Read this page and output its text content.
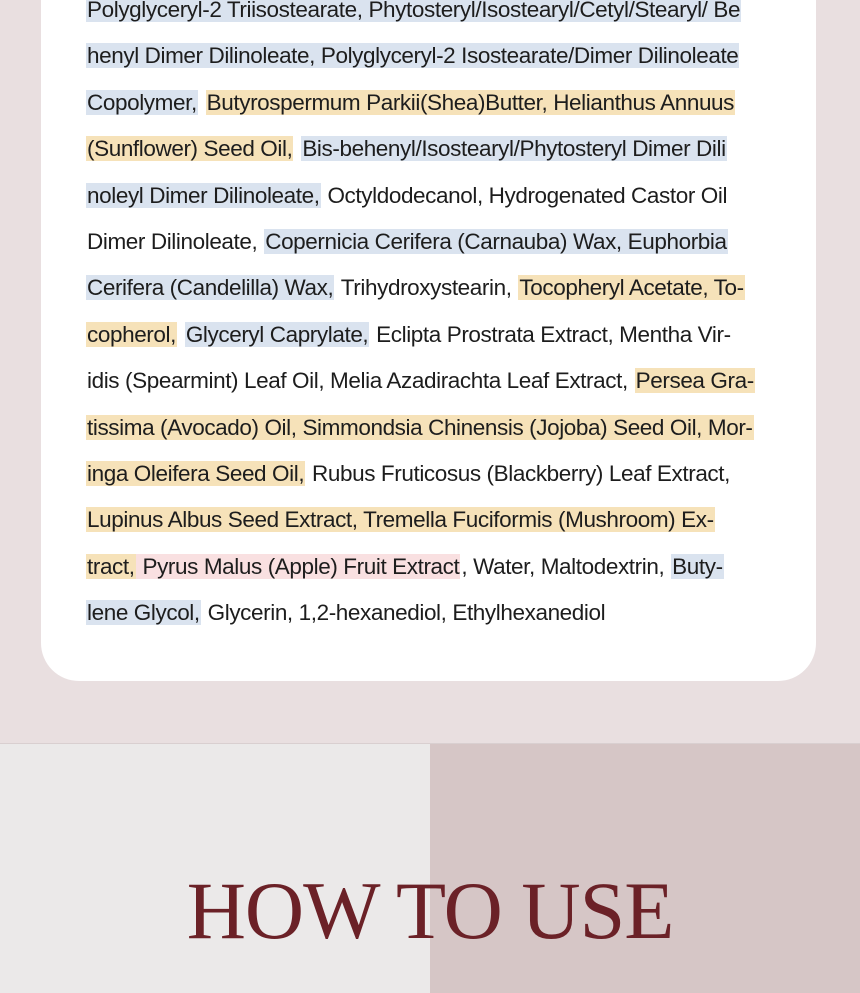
Polyglyceryl-2 Triisostearate, Phytosteryl/Isostearyl/Cetyl/Stearyl/ Be
henyl Dimer Dilinoleate, Polyglyceryl-2 Isostearate/Dimer Dilinoleate
Copolymer, Butyrospermum Parkii(Shea)Butter, Helianthus Annuus
(Sunflower) Seed Oil, Bis-behenyl/Isostearyl/Phytosteryl Dimer Dili
noleyl Dimer Dilinoleate, Octyldodecanol, Hydrogenated Castor Oil
Dimer Dilinoleate, Copernicia Cerifera (Carnauba) Wax, Euphorbia
Cerifera (Candelilla) Wax, Trihydroxystearin, Tocopheryl Acetate, To-
copherol, Glyceryl Caprylate, Eclipta Prostrata Extract, Mentha Vir-
idis (Spearmint) Leaf Oil, Melia Azadirachta Leaf Extract, Persea Gra-
tissima (Avocado) Oil, Simmondsia Chinensis (Jojoba) Seed Oil, Mor-
inga Oleifera Seed Oil, Rubus Fruticosus (Blackberry) Leaf Extract,
Lupinus Albus Seed Extract, Tremella Fuciformis (Mushroom) Ex-
tract, Pyrus Malus (Apple) Fruit Extract, Water, Maltodextrin, Buty-
lene Glycol, Glycerin, 1,2-hexanediol, Ethylhexanediol
HOW TO USE
